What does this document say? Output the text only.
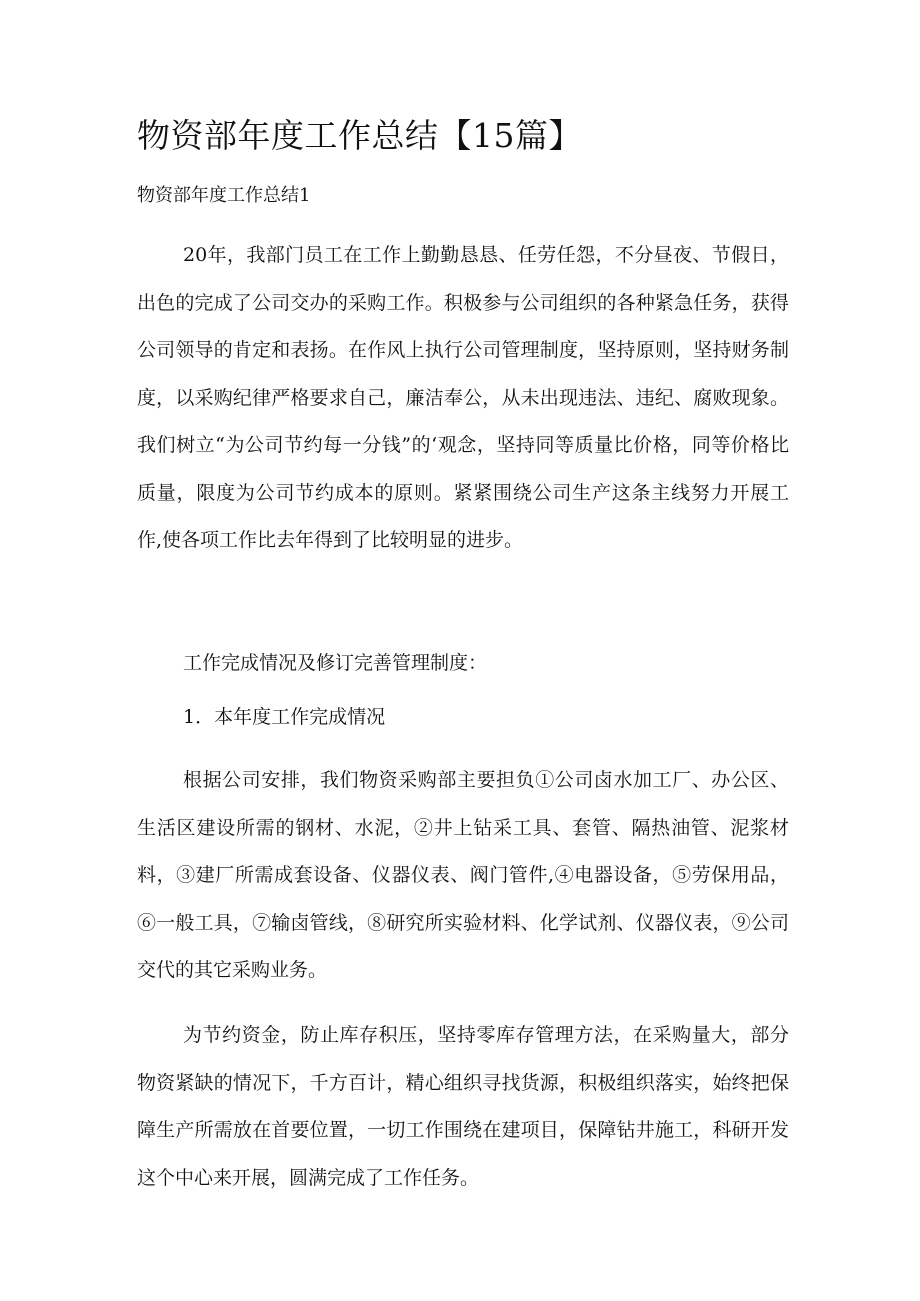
物资部年度工作总结【15篇】
物资部年度工作总结1

20年，我部门员工在工作上勤勤恳恳、任劳任怨，不分昼夜、节假日，出色的完成了公司交办的采购工作。积极参与公司组织的各种紧急任务，获得公司领导的肯定和表扬。在作风上执行公司管理制度，坚持原则，坚持财务制度，以采购纪律严格要求自己，廉洁奉公，从未出现违法、违纪、腐败现象。我们树立“为公司节约每一分钱”的‘观念，坚持同等质量比价格，同等价格比质量，限度为公司节约成本的原则。紧紧围绕公司生产这条主线努力开展工作,使各项工作比去年得到了比较明显的进步。

工作完成情况及修订完善管理制度：

1．本年度工作完成情况

根据公司安排，我们物资采购部主要担负①公司卤水加工厂、办公区、生活区建设所需的钢材、水泥，②井上钻采工具、套管、隔热油管、泥浆材料，③建厂所需成套设备、仪器仪表、阀门管件,④电器设备，⑤劳保用品，⑥一般工具，⑦输卤管线，⑧研究所实验材料、化学试剂、仪器仪表，⑨公司交代的其它采购业务。

为节约资金，防止库存积压，坚持零库存管理方法，在采购量大，部分物资紧缺的情况下，千方百计，精心组织寻找货源，积极组织落实，始终把保障生产所需放在首要位置，一切工作围绕在建项目，保障钻井施工，科研开发这个中心来开展，圆满完成了工作任务。
